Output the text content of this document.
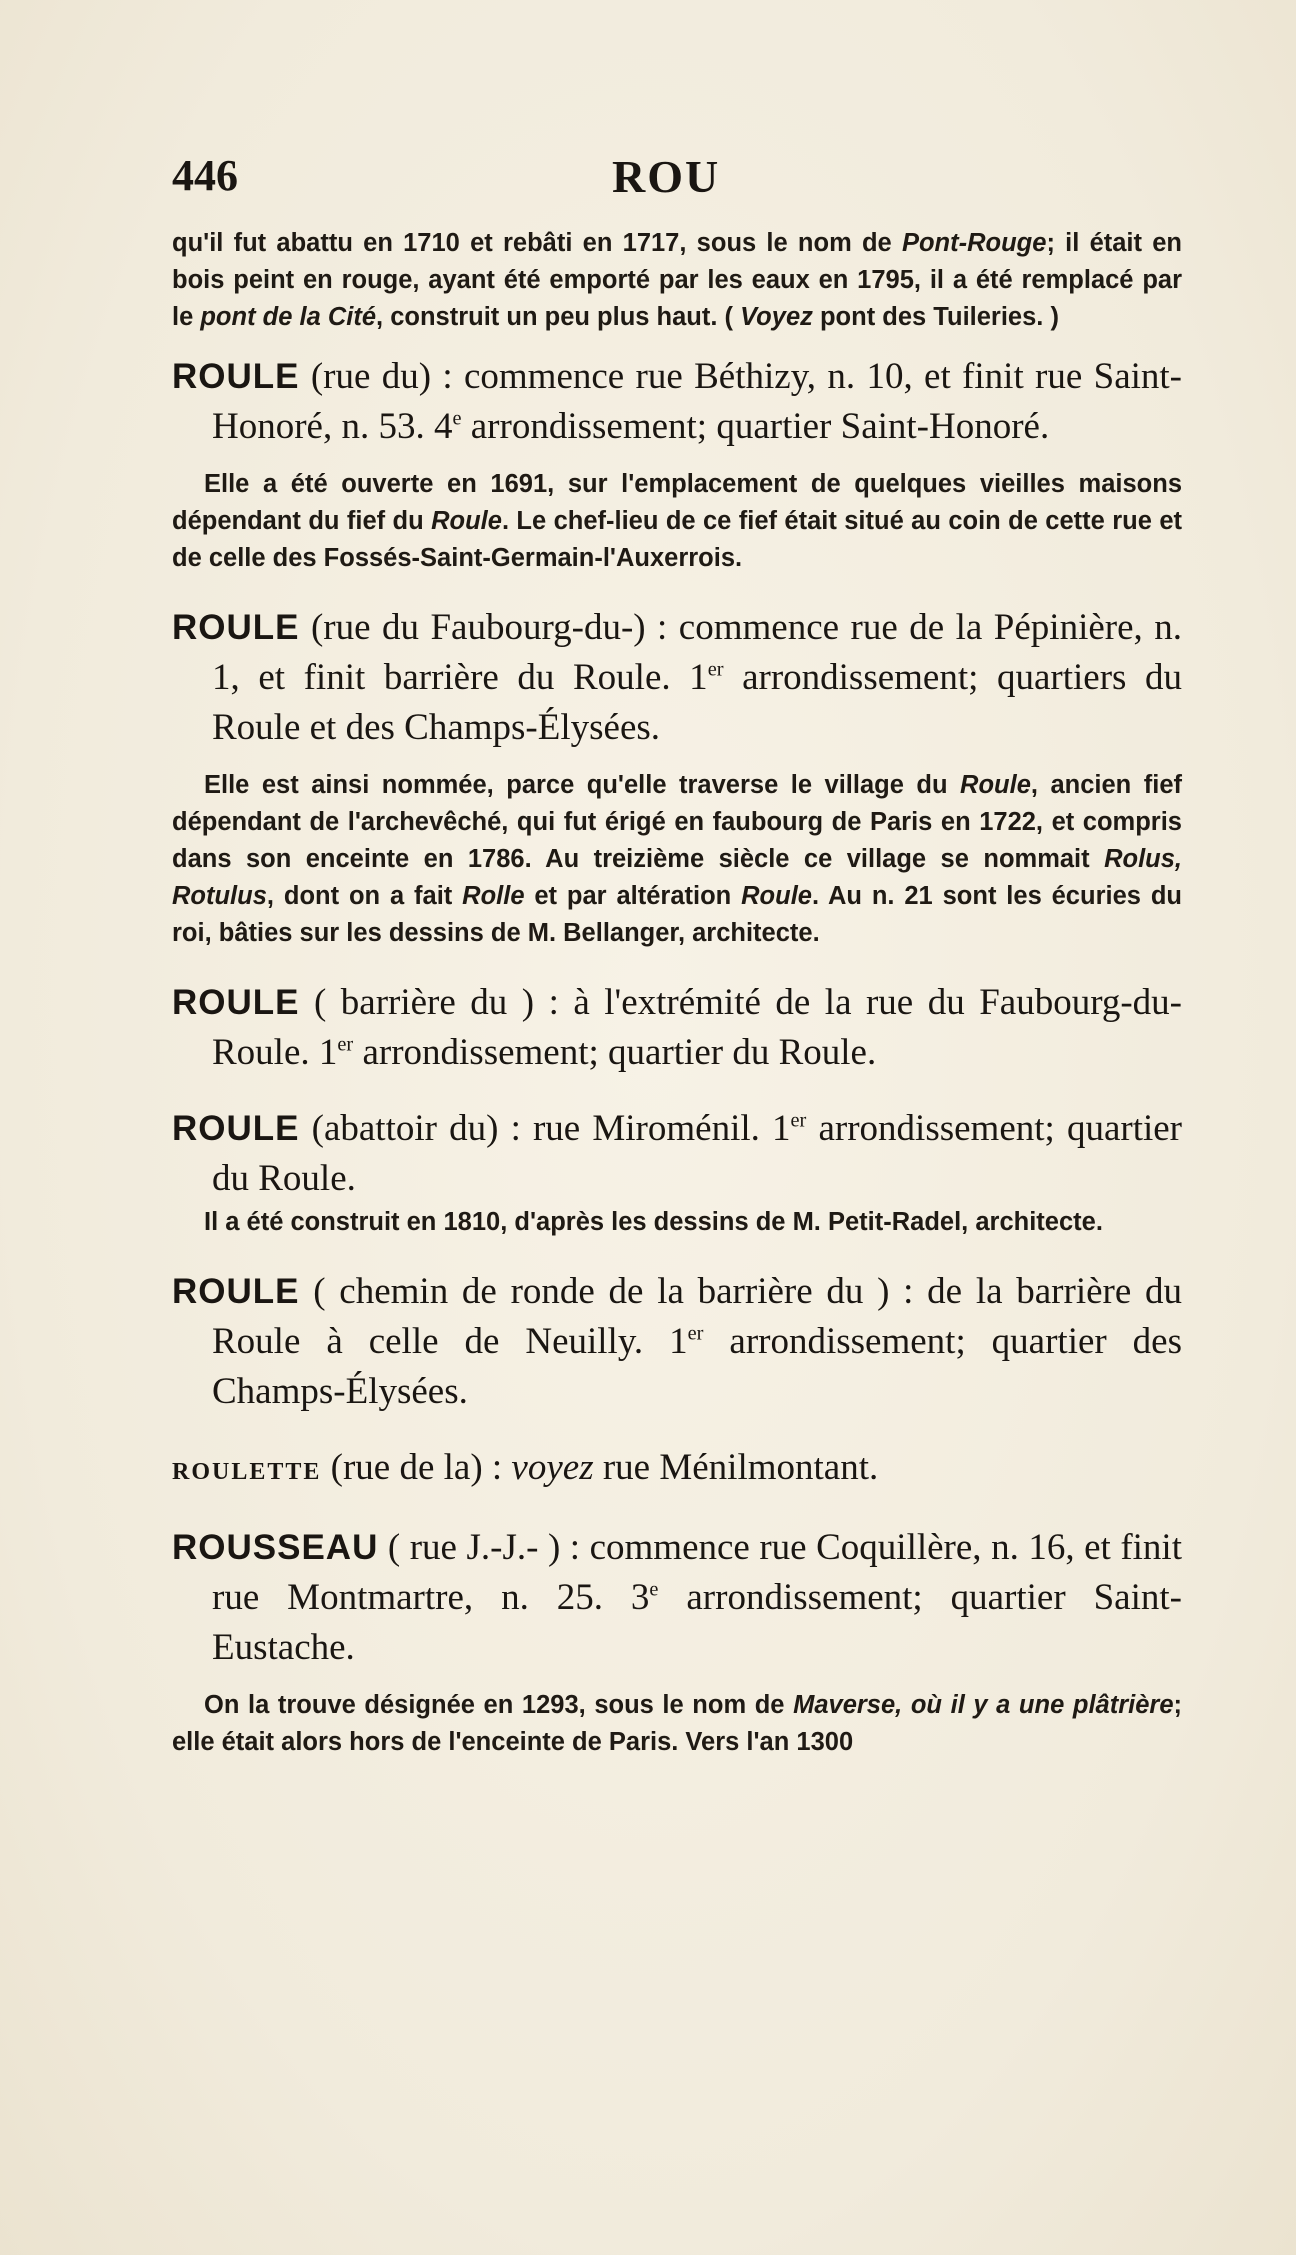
446	ROU

qu'il fut abattu en 1710 et rebâti en 1717, sous le nom de Pont-Rouge; il était en bois peint en rouge, ayant été emporté par les eaux en 1795, il a été remplacé par le pont de la Cité, construit un peu plus haut. ( Voyez pont des Tuileries. )

ROULE (rue du) : commence rue Béthizy, n. 10, et finit rue Saint-Honoré, n. 53. 4e arrondissement; quartier Saint-Honoré.

Elle a été ouverte en 1691, sur l'emplacement de quelques vieilles maisons dépendant du fief du Roule. Le chef-lieu de ce fief était situé au coin de cette rue et de celle des Fossés-Saint-Germain-l'Auxerrois.

ROULE (rue du Faubourg-du-) : commence rue de la Pépinière, n. 1, et finit barrière du Roule. 1er arrondissement; quartiers du Roule et des Champs-Élysées.

Elle est ainsi nommée, parce qu'elle traverse le village du Roule, ancien fief dépendant de l'archevêché, qui fut érigé en faubourg de Paris en 1722, et compris dans son enceinte en 1786. Au treizième siècle ce village se nommait Rolus, Rotulus, dont on a fait Rolle et par altération Roule. Au n. 21 sont les écuries du roi, bâties sur les dessins de M. Bellanger, architecte.

ROULE ( barrière du ) : à l'extrémité de la rue du Faubourg-du-Roule. 1er arrondissement; quartier du Roule.

ROULE (abattoir du) : rue Miroménil. 1er arrondissement; quartier du Roule.

Il a été construit en 1810, d'après les dessins de M. Petit-Radel, architecte.

ROULE ( chemin de ronde de la barrière du ) : de la barrière du Roule à celle de Neuilly. 1er arrondissement; quartier des Champs-Élysées.

ROULETTE (rue de la) : voyez rue Ménilmontant.

ROUSSEAU ( rue J.-J.- ) : commence rue Coquillère, n. 16, et finit rue Montmartre, n. 25. 3e arrondissement; quartier Saint-Eustache.

On la trouve désignée en 1293, sous le nom de Maverse, où il y a une plâtrière; elle était alors hors de l'enceinte de Paris. Vers l'an 1300
